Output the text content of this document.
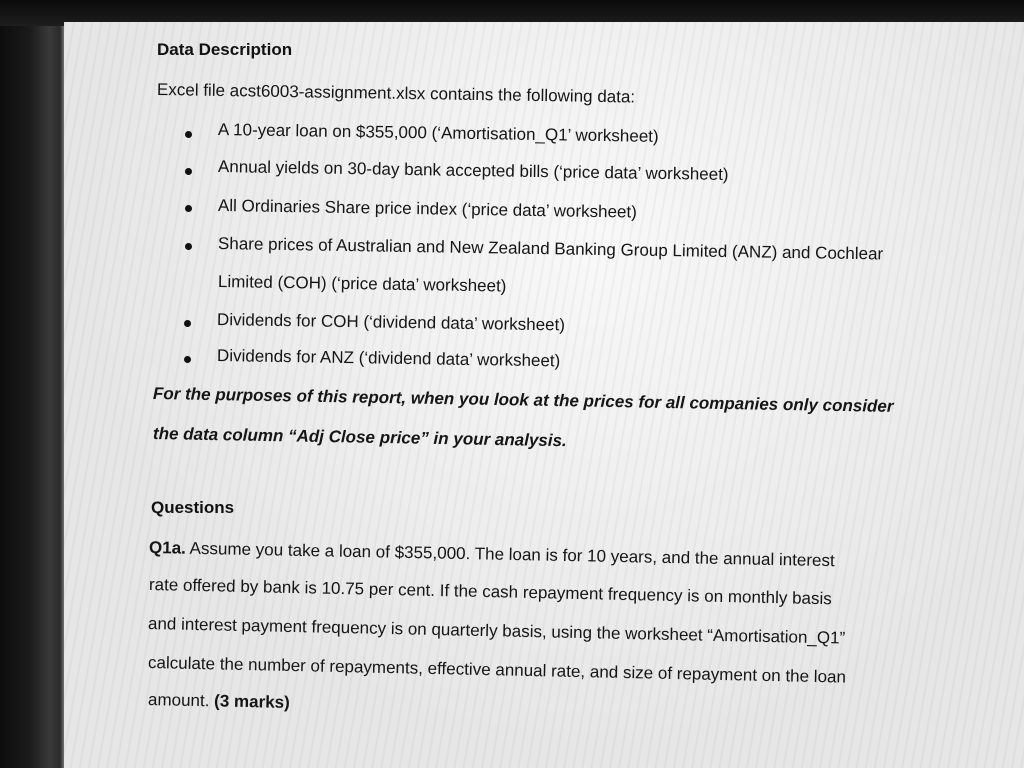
Data Description
Excel file acst6003-assignment.xlsx contains the following data:
A 10-year loan on $355,000 (‘Amortisation_Q1’ worksheet)
Annual yields on 30-day bank accepted bills (‘price data’ worksheet)
All Ordinaries Share price index (‘price data’ worksheet)
Share prices of Australian and New Zealand Banking Group Limited (ANZ) and Cochlear
Limited (COH) (‘price data’ worksheet)
Dividends for COH (‘dividend data’ worksheet)
Dividends for ANZ (‘dividend data’ worksheet)
For the purposes of this report, when you look at the prices for all companies only consider
the data column “Adj Close price” in your analysis.
Questions
Q1a. Assume you take a loan of $355,000. The loan is for 10 years, and the annual interest
rate offered by bank is 10.75 per cent. If the cash repayment frequency is on monthly basis
and interest payment frequency is on quarterly basis, using the worksheet “Amortisation_Q1”
calculate the number of repayments, effective annual rate, and size of repayment on the loan
amount. (3 marks)
